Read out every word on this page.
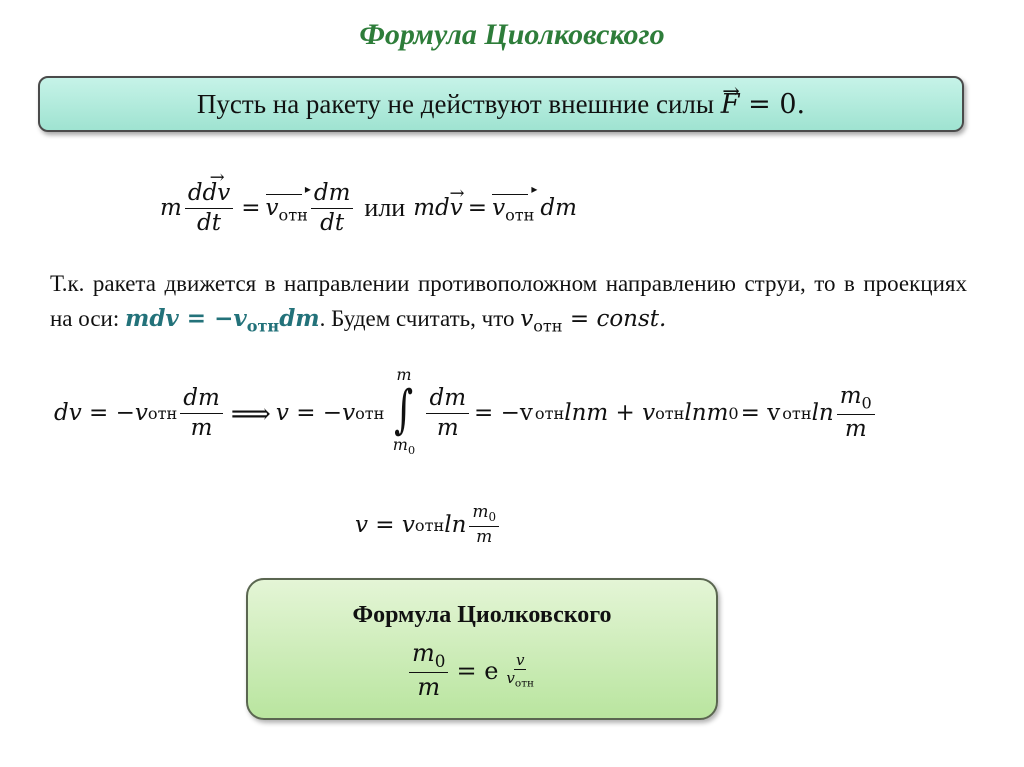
Формула Циолковского
Пусть на ракету не действуют внешние силы → F = 0.
m
d→ dv
dt
= $v_{отн}$ ▸
dm
dt
или md → $v = v_{отн}$ ▸ dm
Т.к. ракета движется в направлении противоположном направлению струи, то в проекциях на оси: mdv = $-v_{отн}dm$. Будем считать, что $v_{отн}$ = const.
dv = −v отн
dm
m ⟹ v = −v отн
m
∫
$m_0$
$\frac{dm}{m} = -v$ отн lnm + v отн lnm 0 = v отн ln
$m_0$
m
v = v отн ln
$m_0$
m
Формула Циолковского
$\frac{m_0}{m} = e$	v
$v_{отн}$
